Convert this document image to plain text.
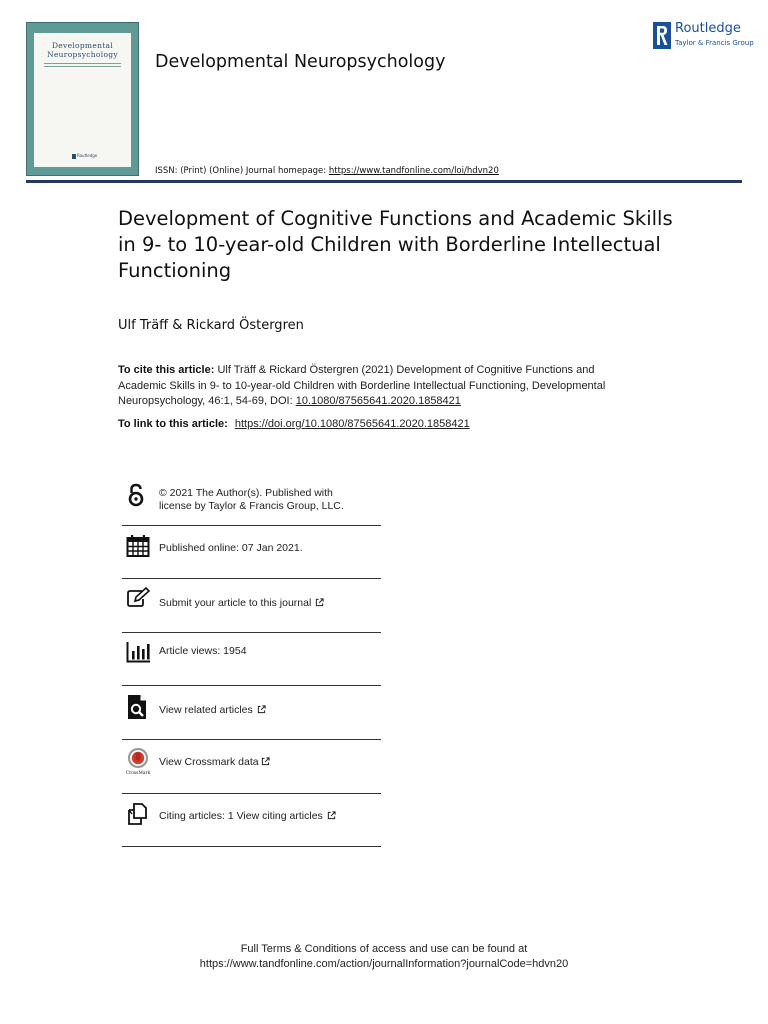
Developmental
Neuropsychology
Routledge
Developmental Neuropsychology
Routledge
Taylor & Francis Group
ISSN: (Print) (Online) Journal homepage: https://www.tandfonline.com/loi/hdvn20
Development of Cognitive Functions and Academic Skills in 9- to 10-year-old Children with Borderline Intellectual Functioning
Ulf Träff & Rickard Östergren
To cite this article: Ulf Träff & Rickard Östergren (2021) Development of Cognitive Functions and Academic Skills in 9- to 10-year-old Children with Borderline Intellectual Functioning, Developmental Neuropsychology, 46:1, 54-69, DOI: 10.1080/87565641.2020.1858421
To link to this article: https://doi.org/10.1080/87565641.2020.1858421
© 2021 The Author(s). Published with license by Taylor & Francis Group, LLC.
Published online: 07 Jan 2021.
Submit your article to this journal
Article views: 1954
View related articles
CrossMark
View Crossmark data
Citing articles: 1 View citing articles
Full Terms & Conditions of access and use can be found at
https://www.tandfonline.com/action/journalInformation?journalCode=hdvn20
